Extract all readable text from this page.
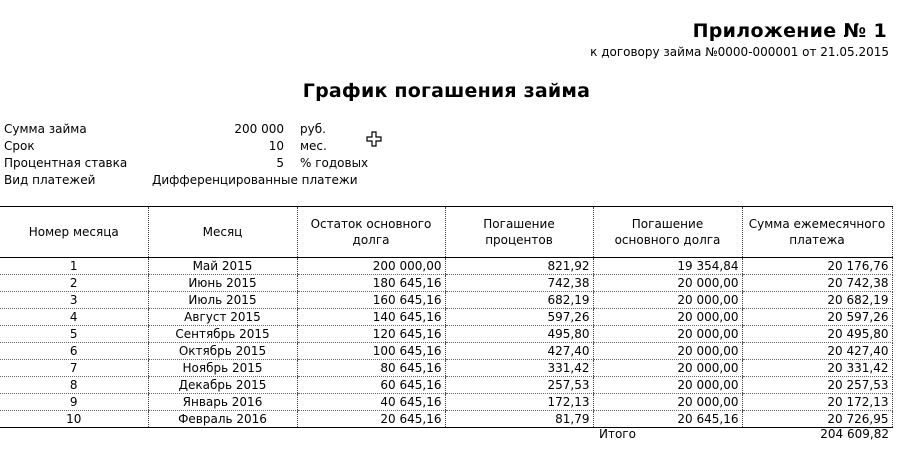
Приложение № 1
к договору займа №0000-000001 от 21.05.2015
График погашения займа
Сумма займа	200 000 руб.
Срок	10 мес.
Процентная ставка	5 % годовых
Вид платежей	Дифференцированные платежи
Номер месяца	Месяц	Остаток основного долга	Погашение процентов	Погашение основного долга	Сумма ежемесячного платежа
1	Май 2015	200 000,00	821,92	19 354,84	20 176,76
2	Июнь 2015	180 645,16	742,38	20 000,00	20 742,38
3	Июль 2015	160 645,16	682,19	20 000,00	20 682,19
4	Август 2015	140 645,16	597,26	20 000,00	20 597,26
5	Сентябрь 2015	120 645,16	495,80	20 000,00	20 495,80
6	Октябрь 2015	100 645,16	427,40	20 000,00	20 427,40
7	Ноябрь 2015	80 645,16	331,42	20 000,00	20 331,42
8	Декабрь 2015	60 645,16	257,53	20 000,00	20 257,53
9	Январь 2016	40 645,16	172,13	20 000,00	20 172,13
10	Февраль 2016	20 645,16	81,79	20 645,16	20 726,95
Итого	204 609,82
